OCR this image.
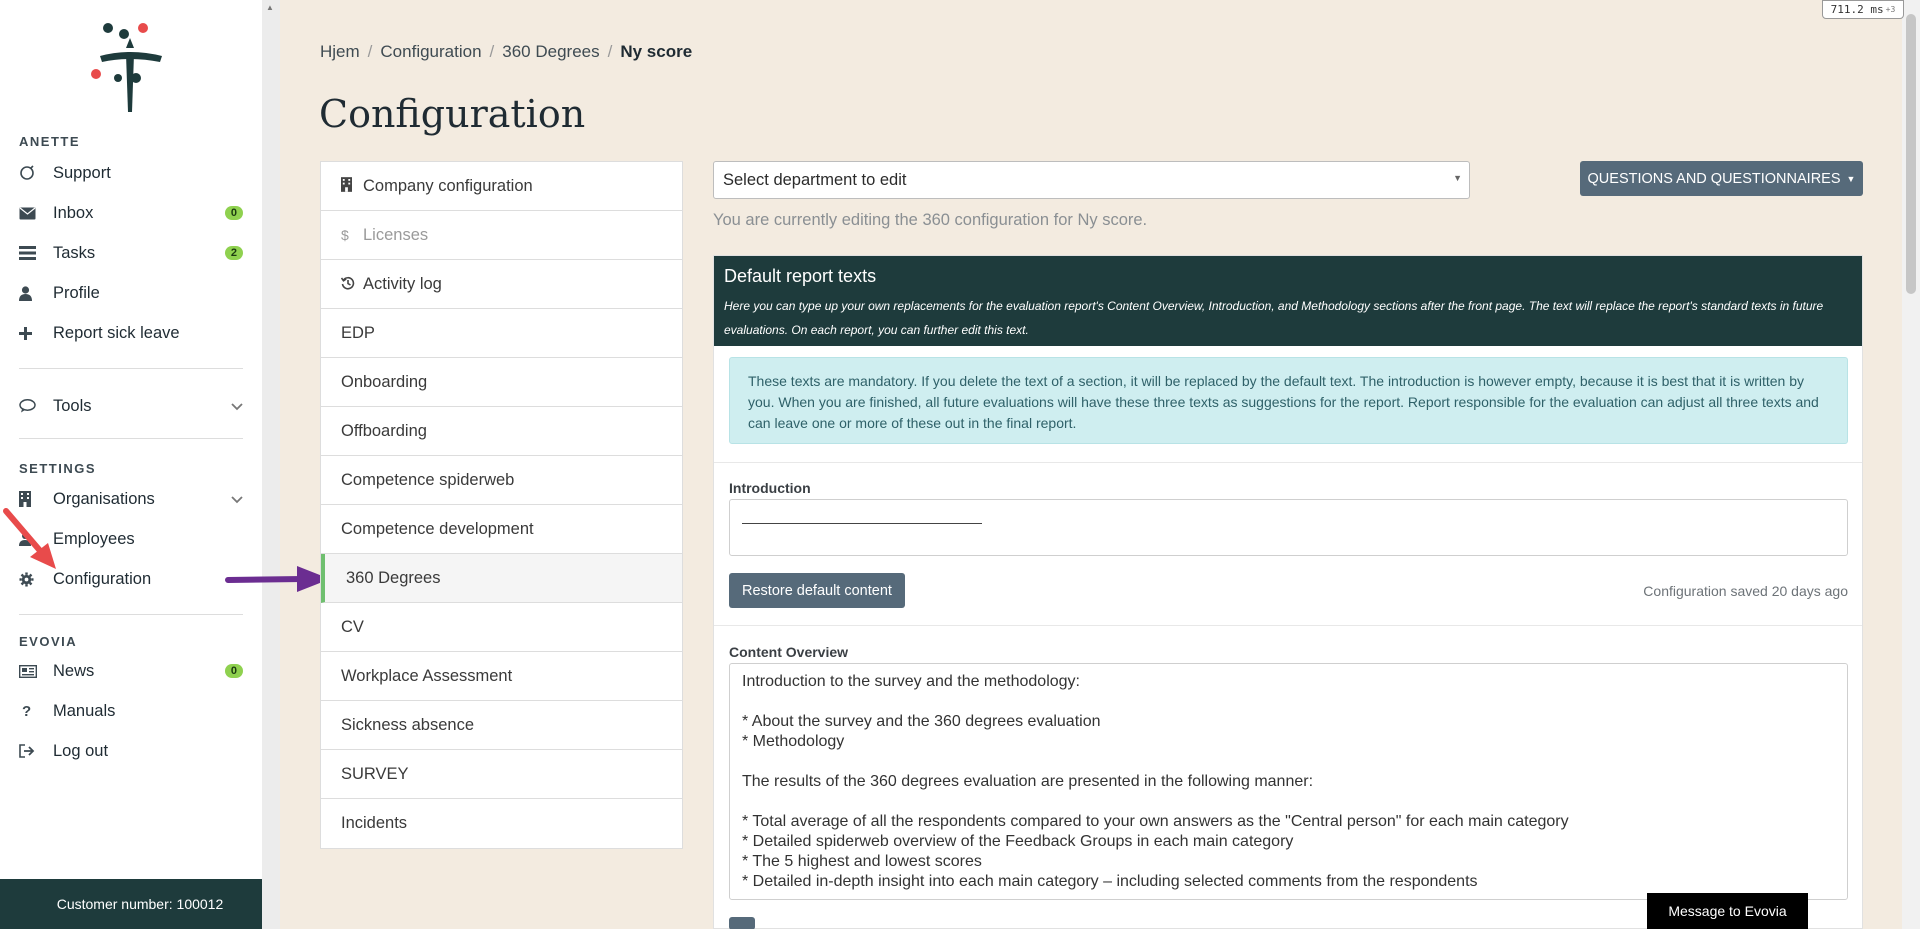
ANETTE
Support
Inbox	0
Tasks	2
Profile
Report sick leave
Tools
SETTINGS
Organisations
Employees
Configuration
EVOVIA
News	0
?	Manuals
Log out
Customer number: 100012
▲
Hjem / Configuration / 360 Degrees / Ny score
Configuration
Company configuration
$ Licenses
Activity log
EDP
Onboarding
Offboarding
Competence spiderweb
Competence development
360 Degrees
CV
Workplace Assessment
Sickness absence
SURVEY
Incidents
Select department to edit	▼	QUESTIONS AND QUESTIONNAIRES ▼
You are currently editing the 360 configuration for Ny score.
Default report texts
Here you can type up your own replacements for the evaluation report's Content Overview, Introduction, and Methodology sections after the front page. The text will replace the report's standard texts in future evaluations. On each report, you can further edit this text.
These texts are mandatory. If you delete the text of a section, it will be replaced by the default text. The introduction is however empty, because it is best that it is written by you. When you are finished, all future evaluations will have these three texts as suggestions for the report. Report responsible for the evaluation can adjust all three texts and can leave one or more of these out in the final report.
Introduction
Restore default content	Configuration saved 20 days ago
Content Overview
Introduction to the survey and the methodology:

* About the survey and the 360 degrees evaluation
* Methodology

The results of the 360 degrees evaluation are presented in the following manner:

* Total average of all the respondents compared to your own answers as the "Central person" for each main category
* Detailed spiderweb overview of the Feedback Groups in each main category
* The 5 highest and lowest scores
* Detailed in-depth insight into each main category – including selected comments from the respondents
Message to Evovia
711.2
ms +3
